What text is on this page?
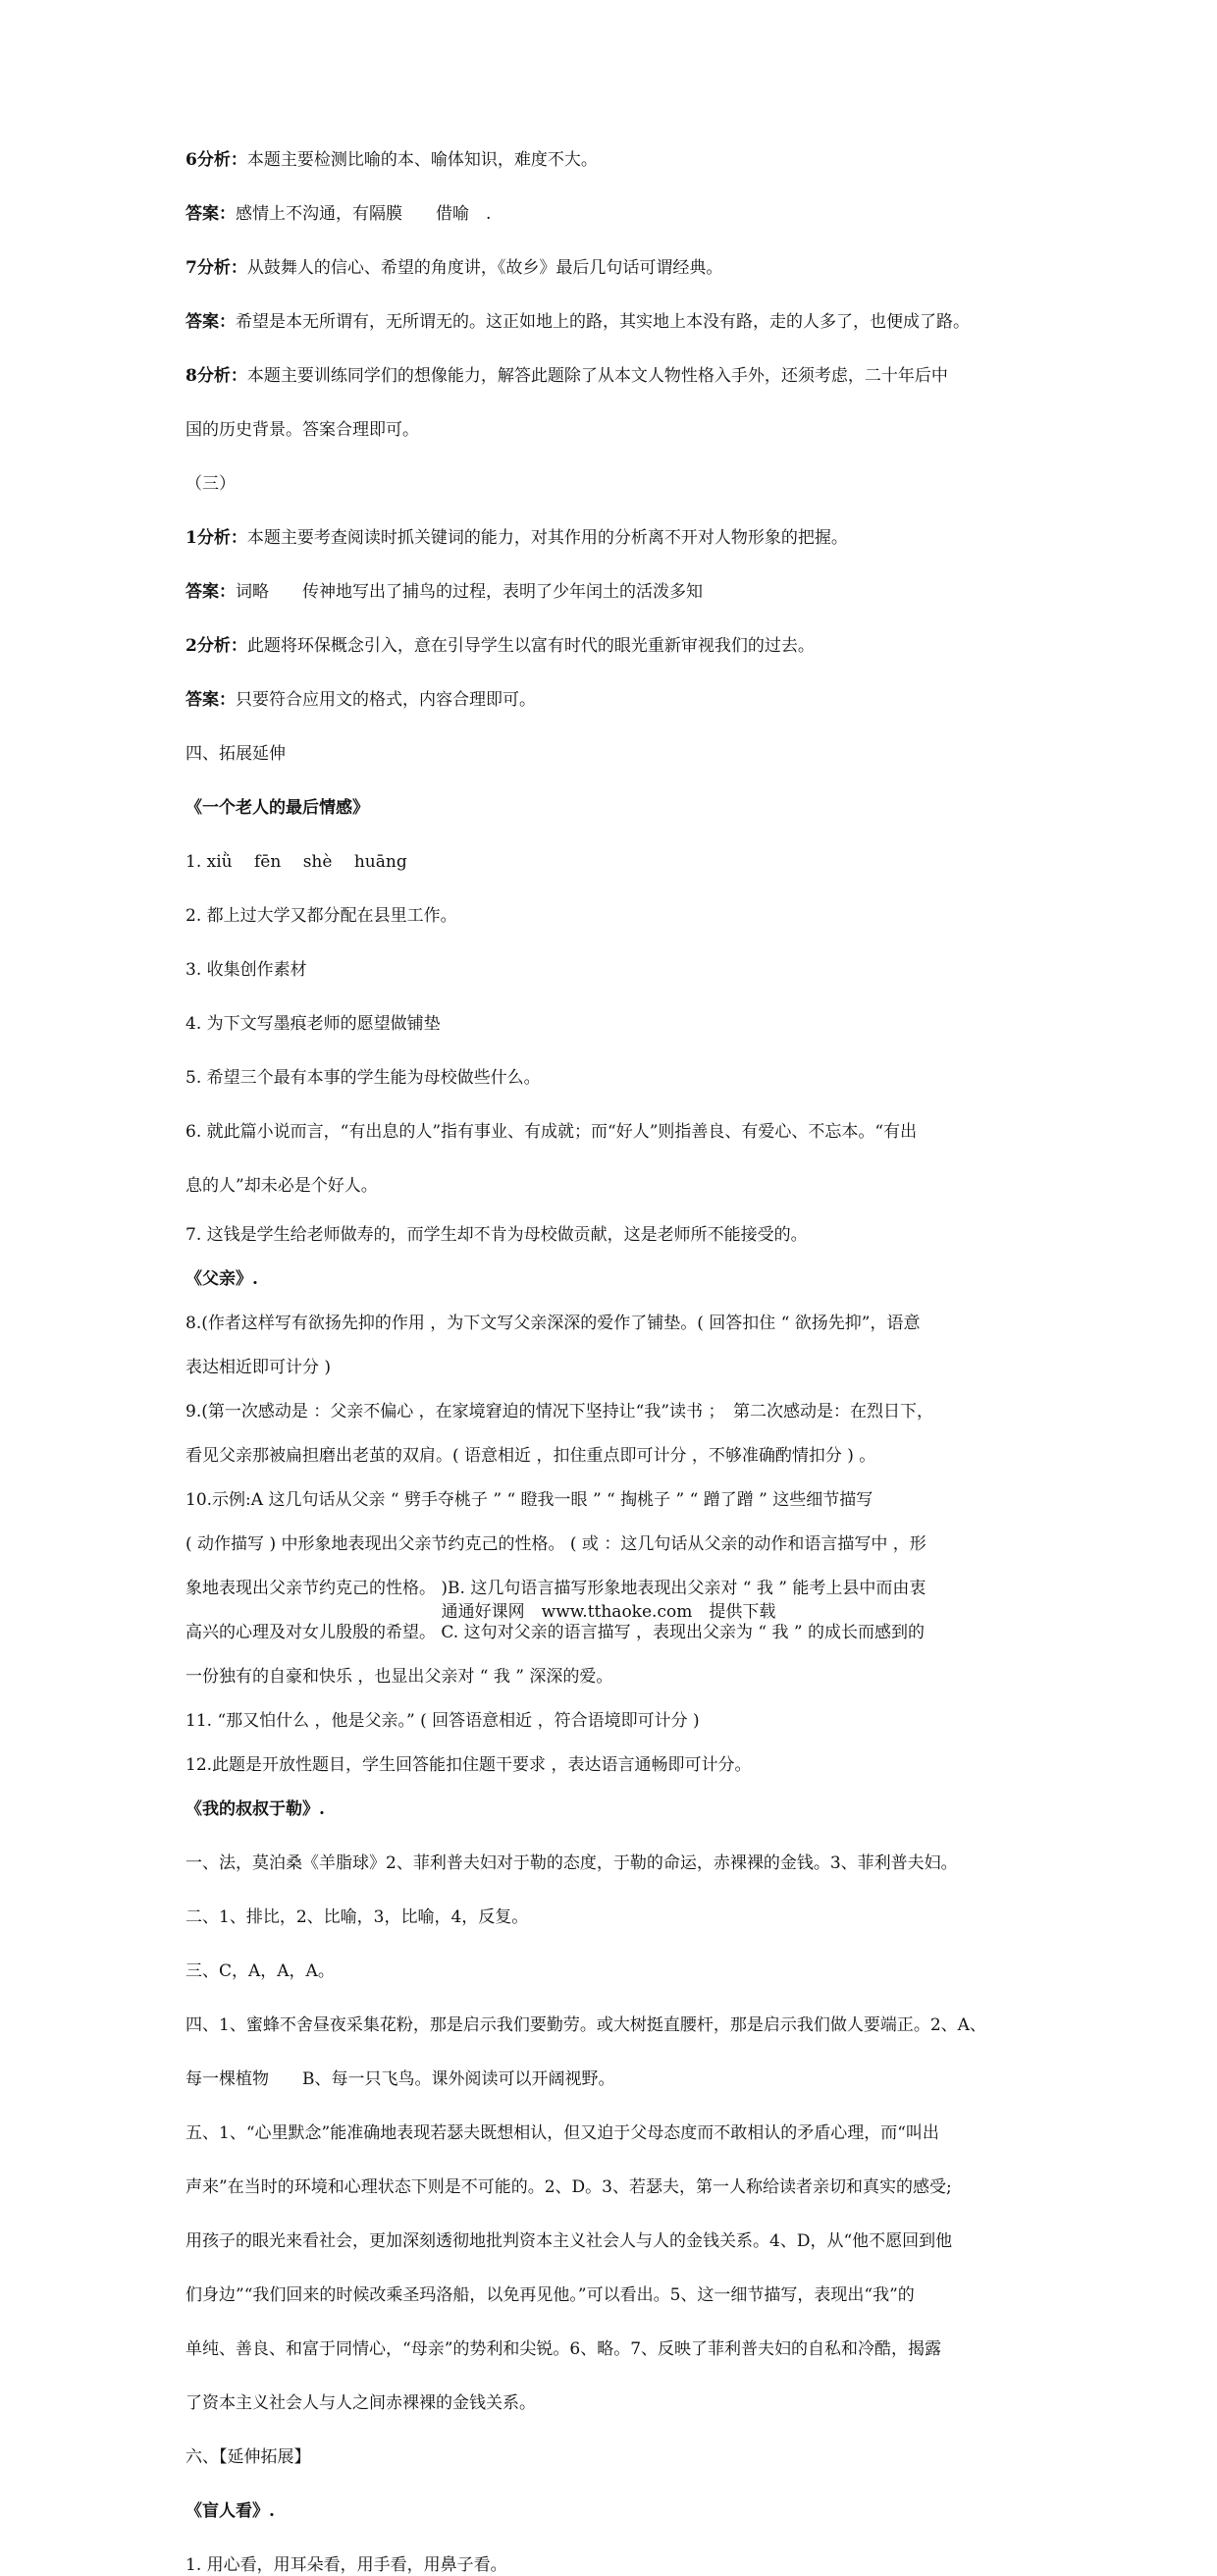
6分析：本题主要检测比喻的本、喻体知识，难度不大。

答案：感情上不沟通，有隔膜　　借喻　.

7分析：从鼓舞人的信心、希望的角度讲，《故乡》最后几句话可谓经典。

答案：希望是本无所谓有，无所谓无的。这正如地上的路，其实地上本没有路，走的人多了，也便成了路。

8分析：本题主要训练同学们的想像能力，解答此题除了从本文人物性格入手外，还须考虑，二十年后中

国的历史背景。答案合理即可。

（三）

1分析：本题主要考查阅读时抓关键词的能力，对其作用的分析离不开对人物形象的把握。

答案：词略　　传神地写出了捕鸟的过程，表明了少年闰土的活泼多知

2分析：此题将环保概念引入，意在引导学生以富有时代的眼光重新审视我们的过去。

答案：只要符合应用文的格式，内容合理即可。

四、拓展延伸

《一个老人的最后情感》

1. xiǜ　 fēn　 shè　 huāng

2. 都上过大学又都分配在县里工作。

3. 收集创作素材

4. 为下文写墨痕老师的愿望做铺垫

5. 希望三个最有本事的学生能为母校做些什么。

6. 就此篇小说而言，“有出息的人”指有事业、有成就；而“好人”则指善良、有爱心、不忘本。“有出

息的人”却未必是个好人。

7. 这钱是学生给老师做寿的，而学生却不肯为母校做贡献，这是老师所不能接受的。

《父亲》.

8.(作者这样写有欲扬先抑的作用 ，为下文写父亲深深的爱作了铺垫。( 回答扣住 “ 欲扬先抑”，语意

表达相近即可计分 )

9.(第一次感动是 ：父亲不偏心 ，在家境窘迫的情况下坚持让“我”读书 ；　第二次感动是：在烈日下，

看见父亲那被扁担磨出老茧的双肩。( 语意相近 ，扣住重点即可计分 ，不够准确酌情扣分 ) 。

10.示例:A 这几句话从父亲 “ 劈手夺桃子 ” “ 瞪我一眼 ” “ 掏桃子 ” “ 蹭了蹭 ” 这些细节描写

( 动作描写 ) 中形象地表现出父亲节约克己的性格。 ( 或 ：这几句话从父亲的动作和语言描写中 ，形

象地表现出父亲节约克己的性格。 )B. 这几句语言描写形象地表现出父亲对 “ 我 ” 能考上县中而由衷

高兴的心理及对女儿殷殷的希望。 C. 这句对父亲的语言描写 ，表现出父亲为 “ 我 ” 的成长而感到的

一份独有的自豪和快乐 ，也显出父亲对 “ 我 ” 深深的爱。

11. “那又怕什么 ，他是父亲。” ( 回答语意相近 ，符合语境即可计分 )

12.此题是开放性题目，学生回答能扣住题干要求 ，表达语言通畅即可计分。

《我的叔叔于勒》.

一、法，莫泊桑《羊脂球》2、菲利普夫妇对于勒的态度，于勒的命运，赤裸裸的金钱。3、菲利普夫妇。

二、1、排比，2、比喻，3，比喻，4，反复。

三、C，A，A，A。

四、1、蜜蜂不舍昼夜采集花粉，那是启示我们要勤劳。或大树挺直腰杆，那是启示我们做人要端正。2、A、

每一棵植物　　B、每一只飞鸟。课外阅读可以开阔视野。

五、1、“心里默念”能准确地表现若瑟夫既想相认，但又迫于父母态度而不敢相认的矛盾心理，而“叫出

声来”在当时的环境和心理状态下则是不可能的。2、D。3、若瑟夫，第一人称给读者亲切和真实的感受;

用孩子的眼光来看社会，更加深刻透彻地批判资本主义社会人与人的金钱关系。4、D，从“他不愿回到他

们身边”“我们回来的时候改乘圣玛洛船，以免再见他。”可以看出。5、这一细节描写，表现出“我”的

单纯、善良、和富于同情心，“母亲”的势利和尖锐。6、略。7、反映了菲利普夫妇的自私和冷酷，揭露

了资本主义社会人与人之间赤裸裸的金钱关系。

六、【延伸拓展】

《盲人看》.

1. 用心看，用耳朵看，用手看，用鼻子看。

通通好课网　www.tthaoke.com　提供下载
